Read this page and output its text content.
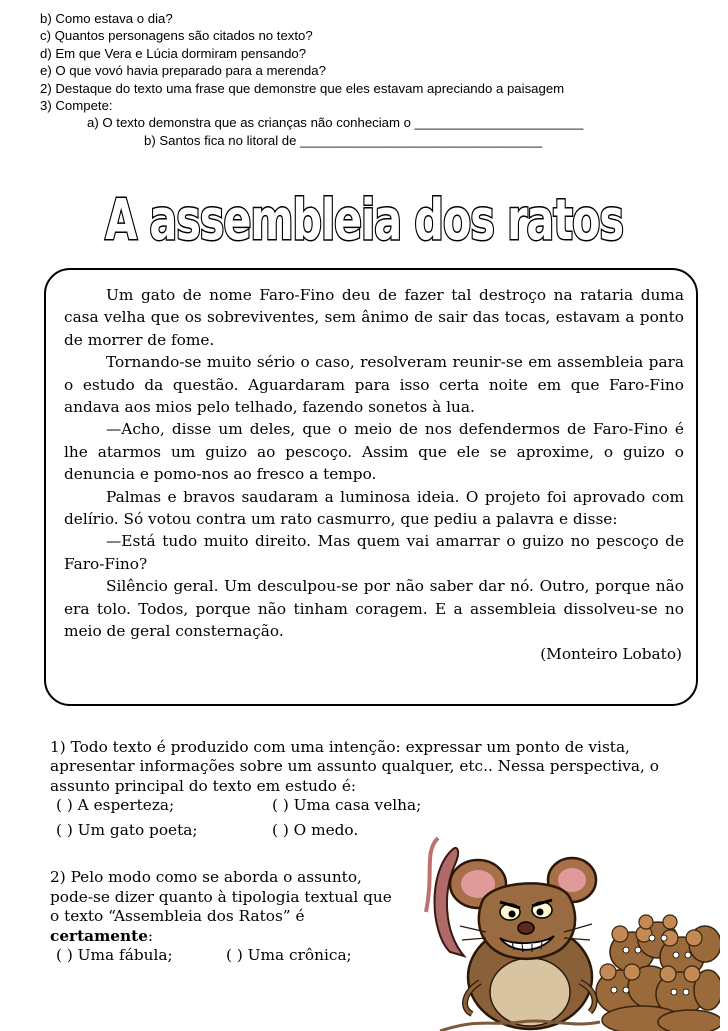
b) Como estava o dia?
c) Quantos personagens são citados no texto?
d) Em que Vera e Lúcia dormiram pensando?
e) O que vovó havia preparado para a merenda?
2) Destaque do texto uma frase que demonstre que eles estavam apreciando a paisagem
3) Compete:
a) O texto demonstra que as crianças não conheciam o _______________________
b) Santos fica no litoral de _________________________________
A assembleia dos ratos

Um gato de nome Faro-Fino deu de fazer tal destroço na rataria duma casa velha que os sobreviventes, sem ânimo de sair das tocas, estavam a ponto de morrer de fome.

Tornando-se muito sério o caso, resolveram reunir-se em assembleia para o estudo da questão. Aguardaram para isso certa noite em que Faro-Fino andava aos mios pelo telhado, fazendo sonetos à lua.

—Acho, disse um deles, que o meio de nos defendermos de Faro-Fino é lhe atarmos um guizo ao pescoço. Assim que ele se aproxime, o guizo o denuncia e pomo-nos ao fresco a tempo.

Palmas e bravos saudaram a luminosa ideia. O projeto foi aprovado com delírio. Só votou contra um rato casmurro, que pediu a palavra e disse:

—Está tudo muito direito. Mas quem vai amarrar o guizo no pescoço de Faro-Fino?

Silêncio geral. Um desculpou-se por não saber dar nó. Outro, porque não era tolo. Todos, porque não tinham coragem. E a assembleia dissolveu-se no meio de geral consternação.

(Monteiro Lobato)

1) Todo texto é produzido com uma intenção: expressar um ponto de vista, apresentar informações sobre um assunto qualquer, etc.. Nessa perspectiva, o assunto principal do texto em estudo é:

( ) A esperteza;	( ) Uma casa velha;
( ) Um gato poeta;	( ) O medo.

2) Pelo modo como se aborda o assunto, pode-se dizer quanto à tipologia textual que o texto “Assembleia dos Ratos” é certamente:

( ) Uma fábula;	( ) Uma crônica;
